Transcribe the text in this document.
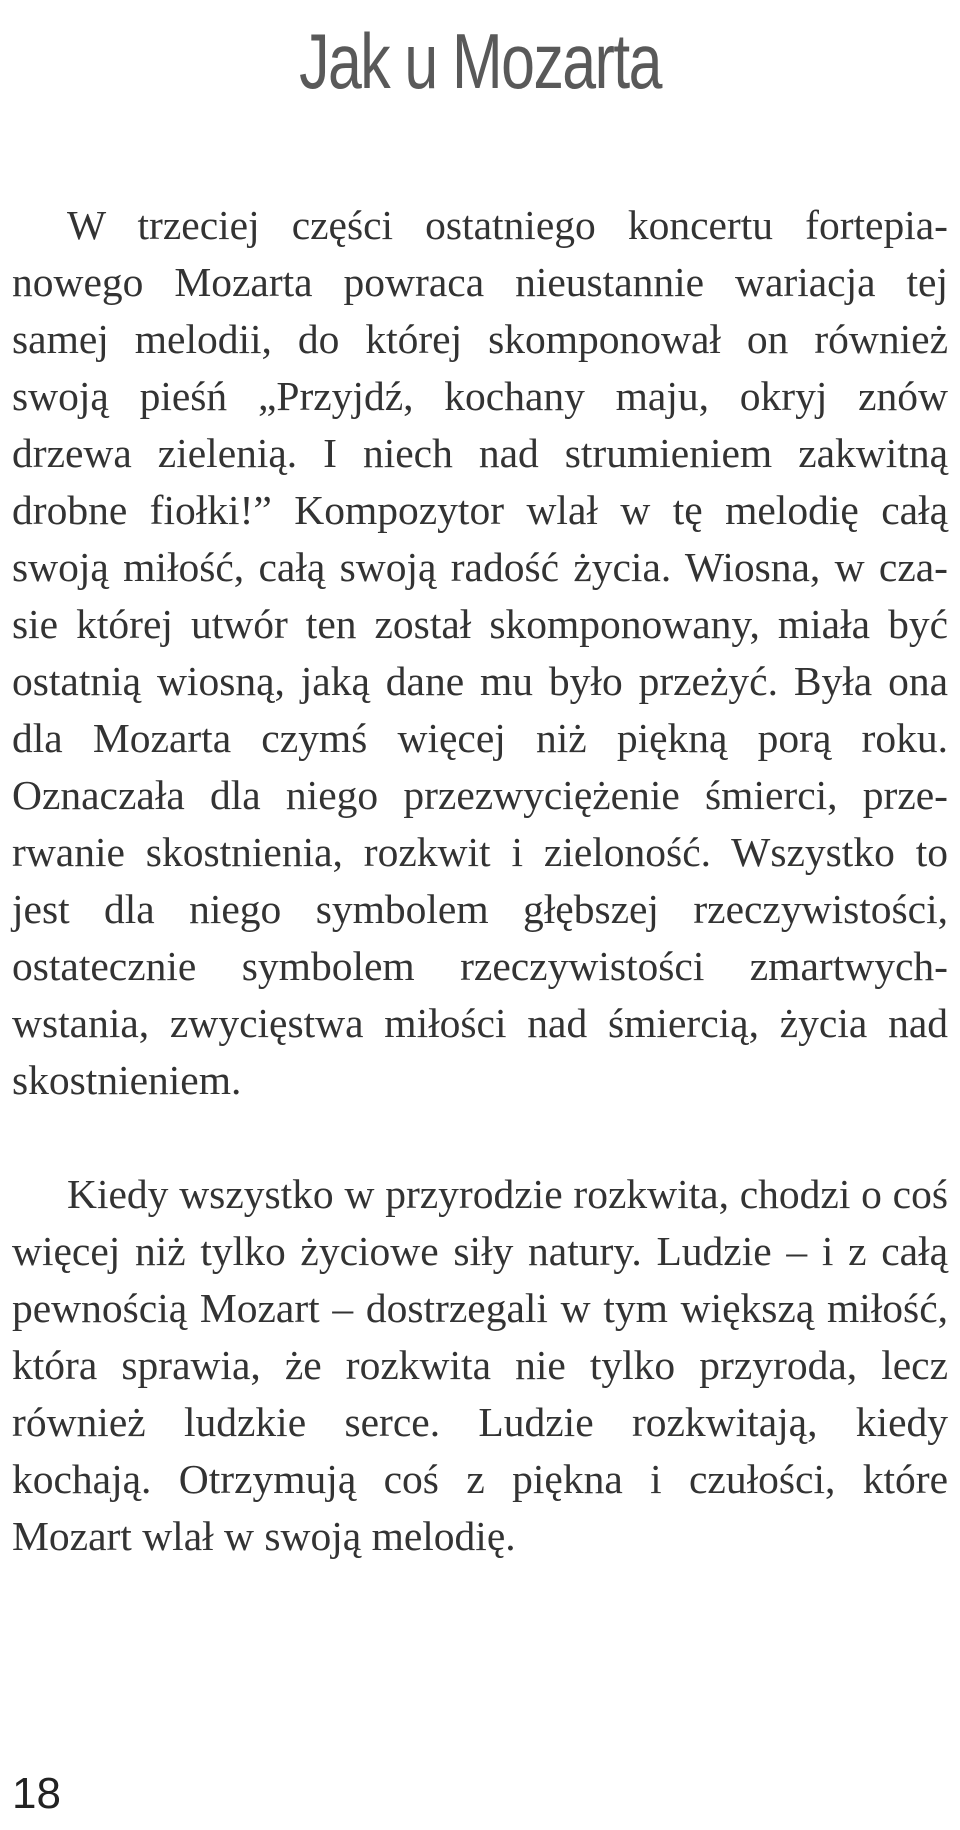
Jak u Mozarta

W trzeciej części ostatniego koncertu fortepianowego Mozarta powraca nieustannie wariacja tej samej melodii, do której skomponował on również swoją pieśń „Przyjdź, kochany maju, okryj znów drzewa zielenią. I niech nad strumieniem zakwitną drobne fiołki!” Kompozytor wlał w tę melodię całą swoją miłość, całą swoją radość życia. Wiosna, w czasie której utwór ten został skomponowany, miała być ostatnią wiosną, jaką dane mu było przeżyć. Była ona dla Mozarta czymś więcej niż piękną porą roku. Oznaczała dla niego przezwyciężenie śmierci, przerwanie skostnienia, rozkwit i zieloność. Wszystko to jest dla niego symbolem głębszej rzeczywistości, ostatecznie symbolem rzeczywistości zmartwychwstania, zwycięstwa miłości nad śmiercią, życia nad skostnieniem.

Kiedy wszystko w przyrodzie rozkwita, chodzi o coś więcej niż tylko życiowe siły natury. Ludzie – i z całą pewnością Mozart – dostrzegali w tym większą miłość, która sprawia, że rozkwita nie tylko przyroda, lecz również ludzkie serce. Ludzie rozkwitają, kiedy kochają. Otrzymują coś z piękna i czułości, które Mozart wlał w swoją melodię.

18
